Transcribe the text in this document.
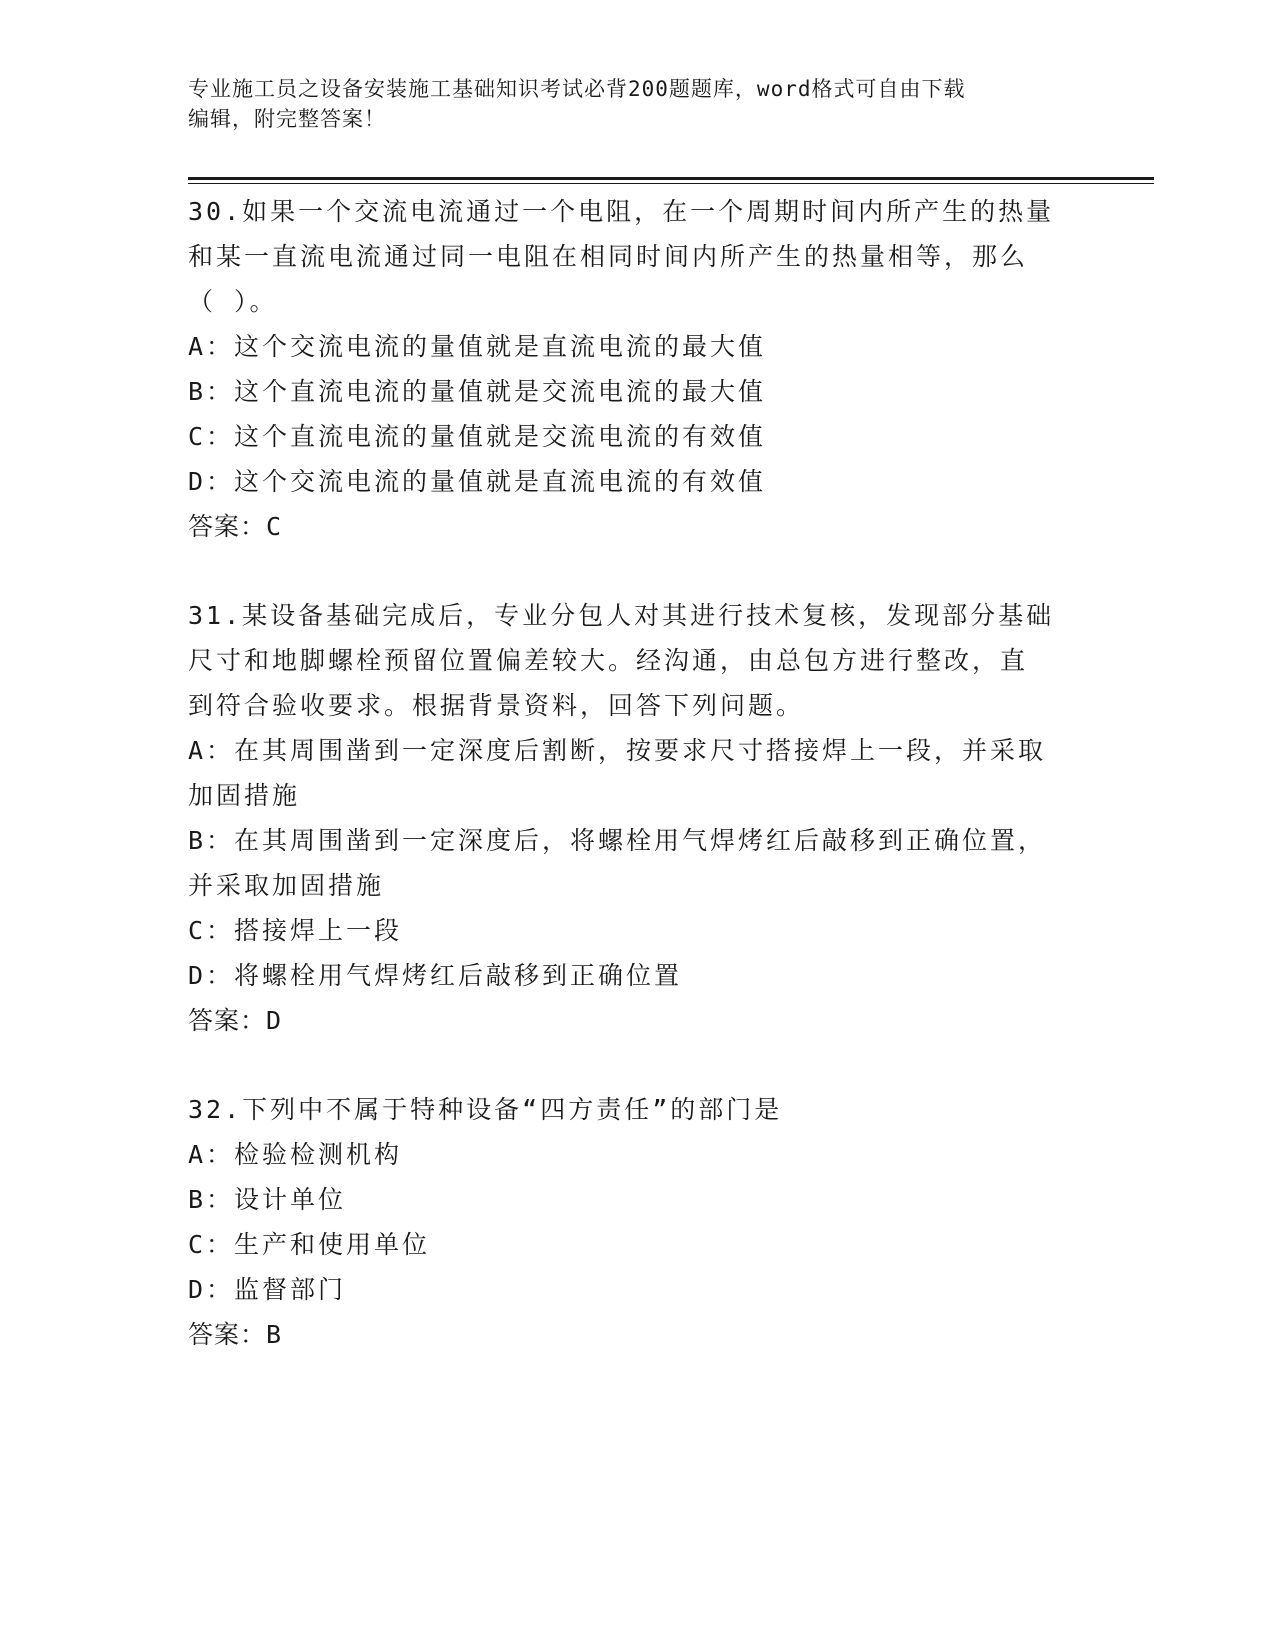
专业施工员之设备安装施工基础知识考试必背200题题库，word格式可自由下载
编辑，附完整答案！
30.如果一个交流电流通过一个电阻，在一个周期时间内所产生的热量
和某一直流电流通过同一电阻在相同时间内所产生的热量相等，那么
（ ）。
A：这个交流电流的量值就是直流电流的最大值
B：这个直流电流的量值就是交流电流的最大值
C：这个直流电流的量值就是交流电流的有效值
D：这个交流电流的量值就是直流电流的有效值
答案：C
31.某设备基础完成后，专业分包人对其进行技术复核，发现部分基础
尺寸和地脚螺栓预留位置偏差较大。经沟通，由总包方进行整改，直
到符合验收要求。根据背景资料，回答下列问题。
A：在其周围凿到一定深度后割断，按要求尺寸搭接焊上一段，并采取
加固措施
B：在其周围凿到一定深度后，将螺栓用气焊烤红后敲移到正确位置，
并采取加固措施
C：搭接焊上一段
D：将螺栓用气焊烤红后敲移到正确位置
答案：D
32.下列中不属于特种设备“四方责任”的部门是
A：检验检测机构
B：设计单位
C：生产和使用单位
D：监督部门
答案：B
